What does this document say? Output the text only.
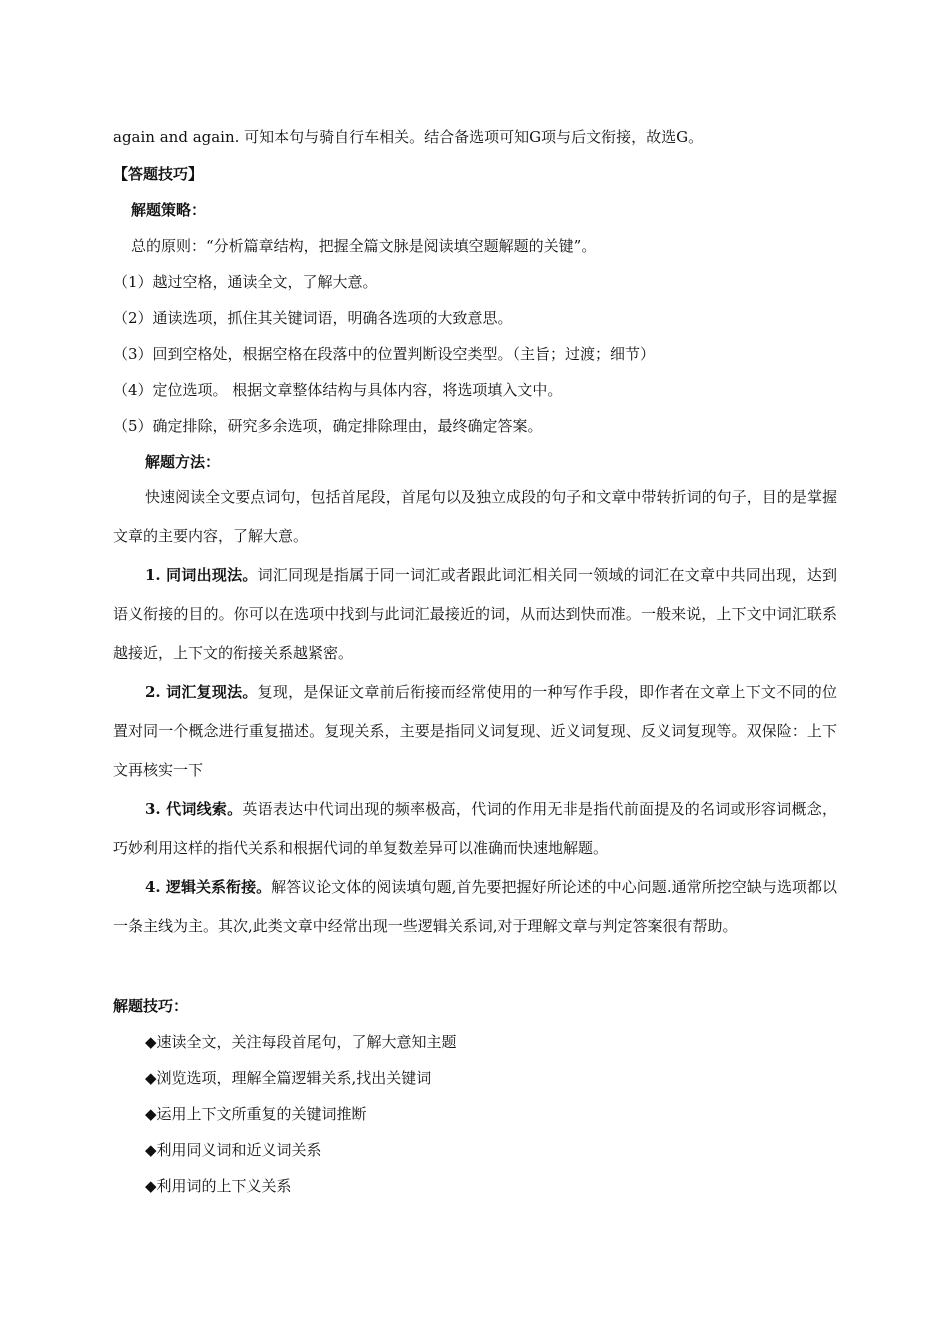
again and again. 可知本句与骑自行车相关。结合备选项可知G项与后文衔接，故选G。
【答题技巧】
解题策略：
总的原则：“分析篇章结构，把握全篇文脉是阅读填空题解题的关键”。
（1）越过空格，通读全文，了解大意。
（2）通读选项，抓住其关键词语，明确各选项的大致意思。
（3）回到空格处，根据空格在段落中的位置判断设空类型。（主旨；过渡；细节）
（4）定位选项。 根据文章整体结构与具体内容，将选项填入文中。
（5）确定排除，研究多余选项，确定排除理由，最终确定答案。
解题方法：
快速阅读全文要点词句，包括首尾段，首尾句以及独立成段的句子和文章中带转折词的句子，目的是掌握文章的主要内容，了解大意。
1. 同词出现法。词汇同现是指属于同一词汇或者跟此词汇相关同一领域的词汇在文章中共同出现，达到语义衔接的目的。你可以在选项中找到与此词汇最接近的词，从而达到快而准。一般来说，上下文中词汇联系越接近，上下文的衔接关系越紧密。
2. 词汇复现法。复现，是保证文章前后衔接而经常使用的一种写作手段，即作者在文章上下文不同的位置对同一个概念进行重复描述。复现关系，主要是指同义词复现、近义词复现、反义词复现等。双保险：上下文再核实一下
3. 代词线索。英语表达中代词出现的频率极高，代词的作用无非是指代前面提及的名词或形容词概念，巧妙利用这样的指代关系和根据代词的单复数差异可以准确而快速地解题。
4. 逻辑关系衔接。解答议论文体的阅读填句题,首先要把握好所论述的中心问题.通常所挖空缺与选项都以一条主线为主。其次,此类文章中经常出现一些逻辑关系词,对于理解文章与判定答案很有帮助。
解题技巧：
◆速读全文，关注每段首尾句，了解大意知主题
◆浏览选项，理解全篇逻辑关系,找出关键词
◆运用上下文所重复的关键词推断
◆利用同义词和近义词关系
◆利用词的上下义关系
